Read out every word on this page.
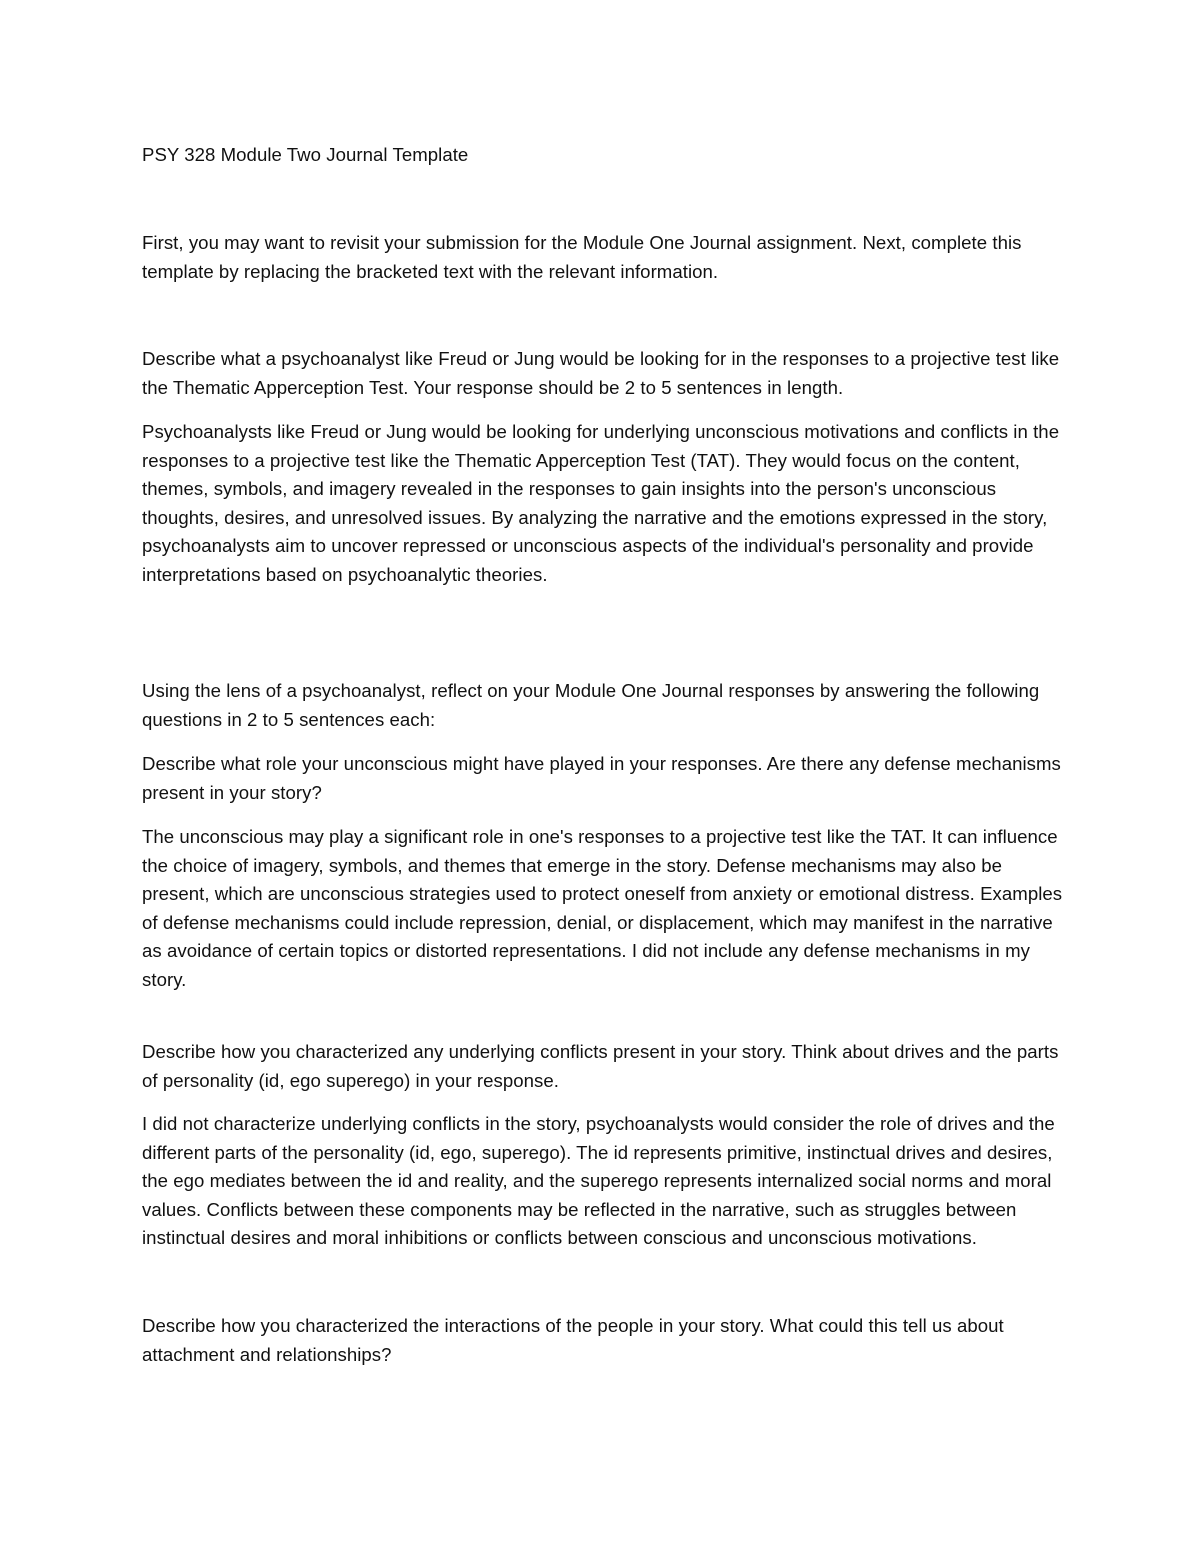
PSY 328 Module Two Journal Template

First, you may want to revisit your submission for the Module One Journal assignment. Next, complete this template by replacing the bracketed text with the relevant information.

Describe what a psychoanalyst like Freud or Jung would be looking for in the responses to a projective test like the Thematic Apperception Test. Your response should be 2 to 5 sentences in length.

Psychoanalysts like Freud or Jung would be looking for underlying unconscious motivations and conflicts in the responses to a projective test like the Thematic Apperception Test (TAT). They would focus on the content, themes, symbols, and imagery revealed in the responses to gain insights into the person's unconscious thoughts, desires, and unresolved issues. By analyzing the narrative and the emotions expressed in the story, psychoanalysts aim to uncover repressed or unconscious aspects of the individual's personality and provide interpretations based on psychoanalytic theories.

Using the lens of a psychoanalyst, reflect on your Module One Journal responses by answering the following questions in 2 to 5 sentences each:

Describe what role your unconscious might have played in your responses. Are there any defense mechanisms present in your story?

The unconscious may play a significant role in one's responses to a projective test like the TAT. It can influence the choice of imagery, symbols, and themes that emerge in the story. Defense mechanisms may also be present, which are unconscious strategies used to protect oneself from anxiety or emotional distress. Examples of defense mechanisms could include repression, denial, or displacement, which may manifest in the narrative as avoidance of certain topics or distorted representations. I did not include any defense mechanisms in my story.

Describe how you characterized any underlying conflicts present in your story. Think about drives and the parts of personality (id, ego superego) in your response.

I did not characterize underlying conflicts in the story, psychoanalysts would consider the role of drives and the different parts of the personality (id, ego, superego). The id represents primitive, instinctual drives and desires, the ego mediates between the id and reality, and the superego represents internalized social norms and moral values. Conflicts between these components may be reflected in the narrative, such as struggles between instinctual desires and moral inhibitions or conflicts between conscious and unconscious motivations.

Describe how you characterized the interactions of the people in your story. What could this tell us about attachment and relationships?
